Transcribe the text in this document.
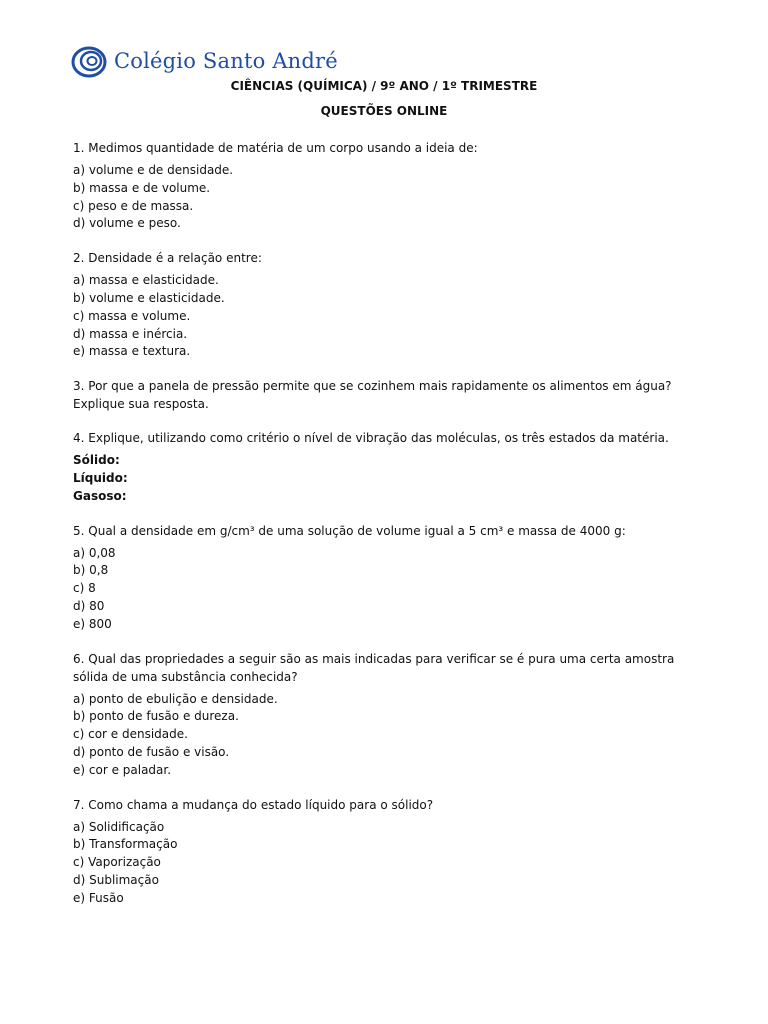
Colégio Santo André
CIÊNCIAS (QUÍMICA) / 9º ANO / 1º TRIMESTRE
QUESTÕES ONLINE
1. Medimos quantidade de matéria de um corpo usando a ideia de:
a) volume e de densidade.
b) massa e de volume.
c) peso e de massa.
d) volume e peso.
2. Densidade é a relação entre:
a) massa e elasticidade.
b) volume e elasticidade.
c) massa e volume.
d) massa e inércia.
e) massa e textura.
3. Por que a panela de pressão permite que se cozinhem mais rapidamente os alimentos em água? Explique sua resposta.
4. Explique, utilizando como critério o nível de vibração das moléculas, os três estados da matéria.
Sólido:
Líquido:
Gasoso:
5. Qual a densidade em g/cm³ de uma solução de volume igual a 5 cm³ e massa de 4000 g:
a) 0,08
b) 0,8
c) 8
d) 80
e) 800
6. Qual das propriedades a seguir são as mais indicadas para verificar se é pura uma certa amostra sólida de uma substância conhecida?
a) ponto de ebulição e densidade.
b) ponto de fusão e dureza.
c) cor e densidade.
d) ponto de fusão e visão.
e) cor e paladar.
7. Como chama a mudança do estado líquido para o sólido?
a) Solidificação
b) Transformação
c) Vaporização
d) Sublimação
e) Fusão
